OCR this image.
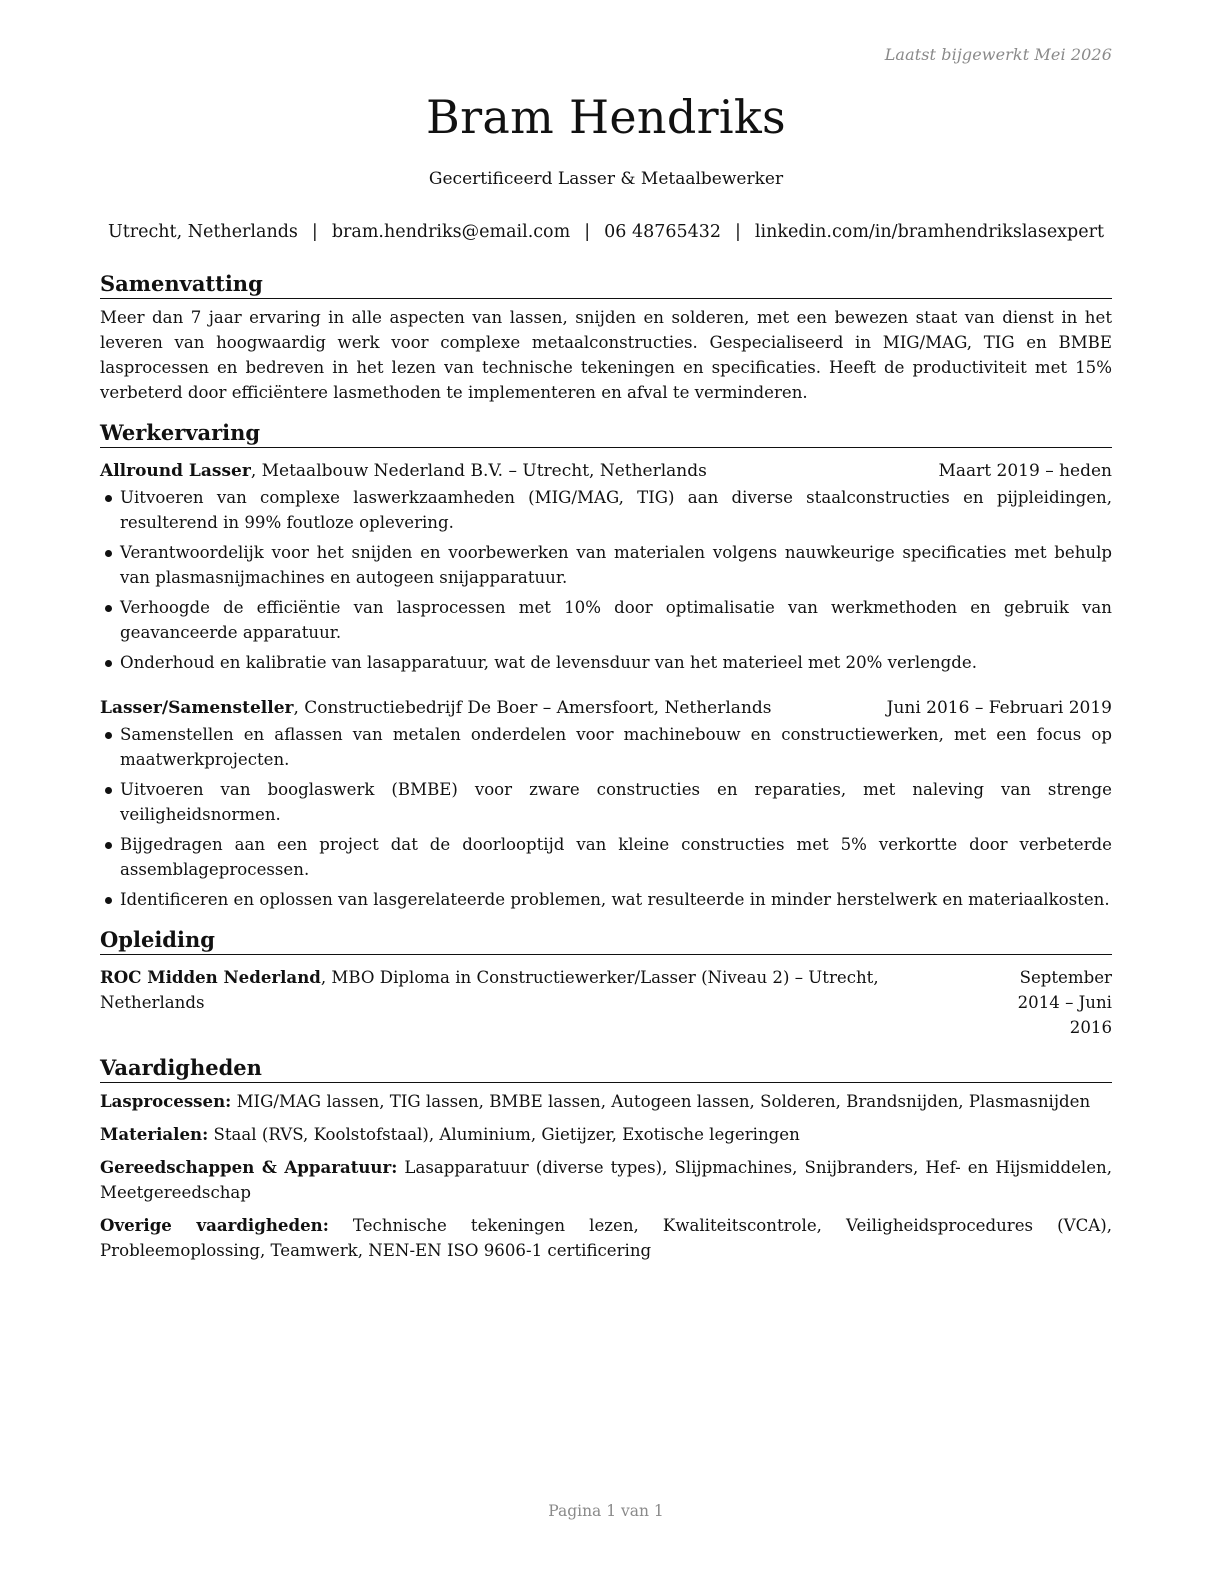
Laatst bijgewerkt Mei 2026
Bram Hendriks
Gecertificeerd Lasser & Metaalbewerker
Utrecht, Netherlands | bram.hendriks@email.com | 06 48765432 | linkedin.com/in/bramhendrikslasexpert
Samenvatting

Meer dan 7 jaar ervaring in alle aspecten van lassen, snijden en solderen, met een bewezen staat van dienst in het leveren van hoogwaardig werk voor complexe metaalconstructies. Gespecialiseerd in MIG/MAG, TIG en BMBE lasprocessen en bedreven in het lezen van technische tekeningen en specificaties. Heeft de productiviteit met 15% verbeterd door efficiëntere lasmethoden te implementeren en afval te verminderen.

Werkervaring
Allround Lasser, Metaalbouw Nederland B.V. – Utrecht, Netherlands	Maart 2019 – heden
Uitvoeren van complexe laswerkzaamheden (MIG/MAG, TIG) aan diverse staalconstructies en pijpleidingen, resulterend in 99% foutloze oplevering.
Verantwoordelijk voor het snijden en voorbewerken van materialen volgens nauwkeurige specificaties met behulp van plasmasnijmachines en autogeen snijapparatuur.
Verhoogde de efficiëntie van lasprocessen met 10% door optimalisatie van werkmethoden en gebruik van geavanceerde apparatuur.
Onderhoud en kalibratie van lasapparatuur, wat de levensduur van het materieel met 20% verlengde.
Lasser/Samensteller, Constructiebedrijf De Boer – Amersfoort, Netherlands	Juni 2016 – Februari 2019
Samenstellen en aflassen van metalen onderdelen voor machinebouw en constructiewerken, met een focus op maatwerkprojecten.
Uitvoeren van booglaswerk (BMBE) voor zware constructies en reparaties, met naleving van strenge veiligheidsnormen.
Bijgedragen aan een project dat de doorlooptijd van kleine constructies met 5% verkortte door verbeterde assemblageprocessen.
Identificeren en oplossen van lasgerelateerde problemen, wat resulteerde in minder herstelwerk en materiaalkosten.
Opleiding
ROC Midden Nederland, MBO Diploma in Constructiewerker/Lasser (Niveau 2) – Utrecht, Netherlands
September 2014 – Juni 2016
Vaardigheden

Lasprocessen: MIG/MAG lassen, TIG lassen, BMBE lassen, Autogeen lassen, Solderen, Brandsnijden, Plasmasnijden

Materialen: Staal (RVS, Koolstofstaal), Aluminium, Gietijzer, Exotische legeringen

Gereedschappen & Apparatuur: Lasapparatuur (diverse types), Slijpmachines, Snijbranders, Hef- en Hijsmiddelen, Meetgereedschap

Overige vaardigheden: Technische tekeningen lezen, Kwaliteitscontrole, Veiligheidsprocedures (VCA), Probleemoplossing, Teamwerk, NEN-EN ISO 9606-1 certificering

Pagina 1 van 1
